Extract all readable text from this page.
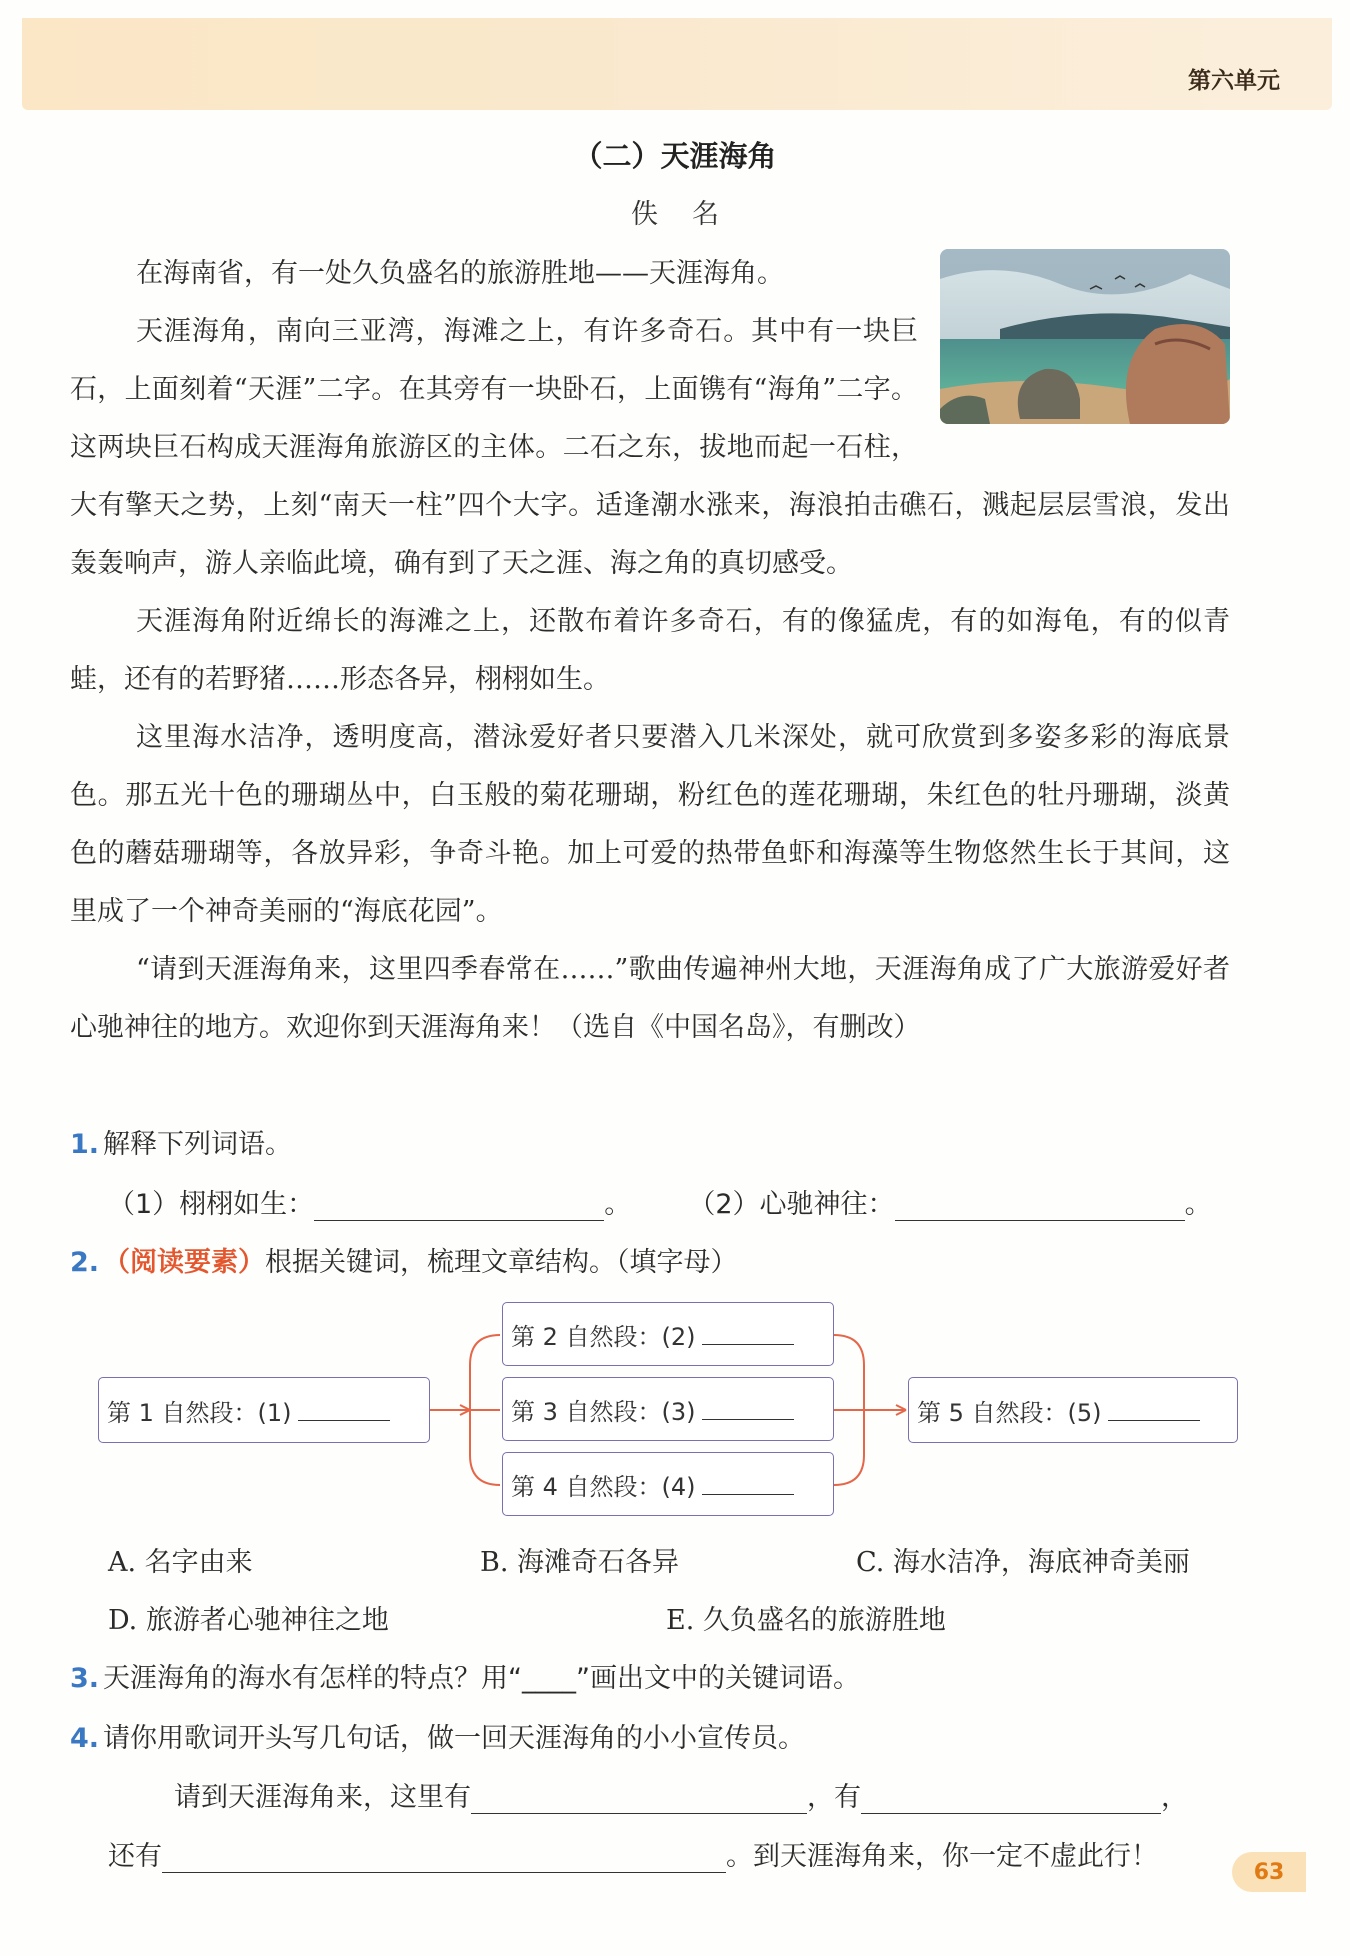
第六单元
（二）天涯海角
佚名

在海南省，有一处久负盛名的旅游胜地——天涯海角。

天涯海角，南向三亚湾，海滩之上，有许多奇石。其中有一块巨石，上面刻着“天涯”二字。在其旁有一块卧石，上面镌有“海角”二字。这两块巨石构成天涯海角旅游区的主体。二石之东，拔地而起一石柱，大有擎天之势，上刻“南天一柱”四个大字。适逢潮水涨来，海浪拍击礁石，溅起层层雪浪，发出轰轰响声，游人亲临此境，确有到了天之涯、海之角的真切感受。

天涯海角附近绵长的海滩之上，还散布着许多奇石，有的像猛虎，有的如海龟，有的似青蛙，还有的若野猪……形态各异，栩栩如生。

这里海水洁净，透明度高，潜泳爱好者只要潜入几米深处，就可欣赏到多姿多彩的海底景色。那五光十色的珊瑚丛中，白玉般的菊花珊瑚，粉红色的莲花珊瑚，朱红色的牡丹珊瑚，淡黄色的蘑菇珊瑚等，各放异彩，争奇斗艳。加上可爱的热带鱼虾和海藻等生物悠然生长于其间，这里成了一个神奇美丽的“海底花园”。

“请到天涯海角来，这里四季春常在……”歌曲传遍神州大地，天涯海角成了广大旅游爱好者心驰神往的地方。欢迎你到天涯海角来！（选自《中国名岛》，有删改）

1. 解释下列词语。
（1）栩栩如生：	。 （2）心驰神往：	。
2. （阅读要素）根据关键词，梳理文章结构。（填字母）
第 1 自然段：(1)
第 2 自然段：(2)
第 3 自然段：(3)
第 4 自然段：(4)
第 5 自然段：(5)
A. 名字由来	B. 海滩奇石各异	C. 海水洁净，海底神奇美丽
D. 旅游者心驰神往之地	E. 久负盛名的旅游胜地
3. 天涯海角的海水有怎样的特点？用“____”画出文中的关键词语。
4. 请你用歌词开头写几句话，做一回天涯海角的小小宣传员。
请到天涯海角来，这里有	，有	，
还有	。到天涯海角来，你一定不虚此行！	63
